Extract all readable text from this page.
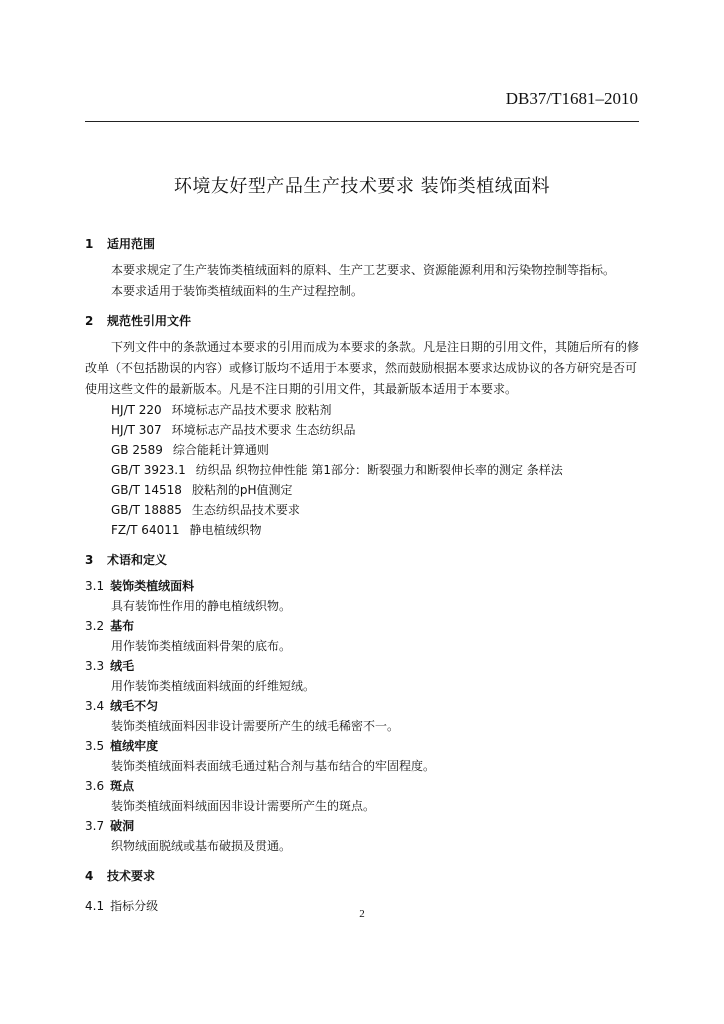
DB37/T1681–2010
环境友好型产品生产技术要求 装饰类植绒面料
1 适用范围
本要求规定了生产装饰类植绒面料的原料、生产工艺要求、资源能源利用和污染物控制等指标。
本要求适用于装饰类植绒面料的生产过程控制。
2 规范性引用文件
下列文件中的条款通过本要求的引用而成为本要求的条款。凡是注日期的引用文件，其随后所有的修改单（不包括勘误的内容）或修订版均不适用于本要求，然而鼓励根据本要求达成协议的各方研究是否可使用这些文件的最新版本。凡是不注日期的引用文件，其最新版本适用于本要求。
HJ/T 220 环境标志产品技术要求 胶粘剂
HJ/T 307 环境标志产品技术要求 生态纺织品
GB 2589 综合能耗计算通则
GB/T 3923.1 纺织品 织物拉伸性能 第1部分：断裂强力和断裂伸长率的测定 条样法
GB/T 14518 胶粘剂的pH值测定
GB/T 18885 生态纺织品技术要求
FZ/T 64011 静电植绒织物
3 术语和定义
3.1 装饰类植绒面料
具有装饰性作用的静电植绒织物。
3.2 基布
用作装饰类植绒面料骨架的底布。
3.3 绒毛
用作装饰类植绒面料绒面的纤维短绒。
3.4 绒毛不匀
装饰类植绒面料因非设计需要所产生的绒毛稀密不一。
3.5 植绒牢度
装饰类植绒面料表面绒毛通过粘合剂与基布结合的牢固程度。
3.6 斑点
装饰类植绒面料绒面因非设计需要所产生的斑点。
3.7 破洞
织物绒面脱绒或基布破损及贯通。
4 技术要求
4.1 指标分级
2
